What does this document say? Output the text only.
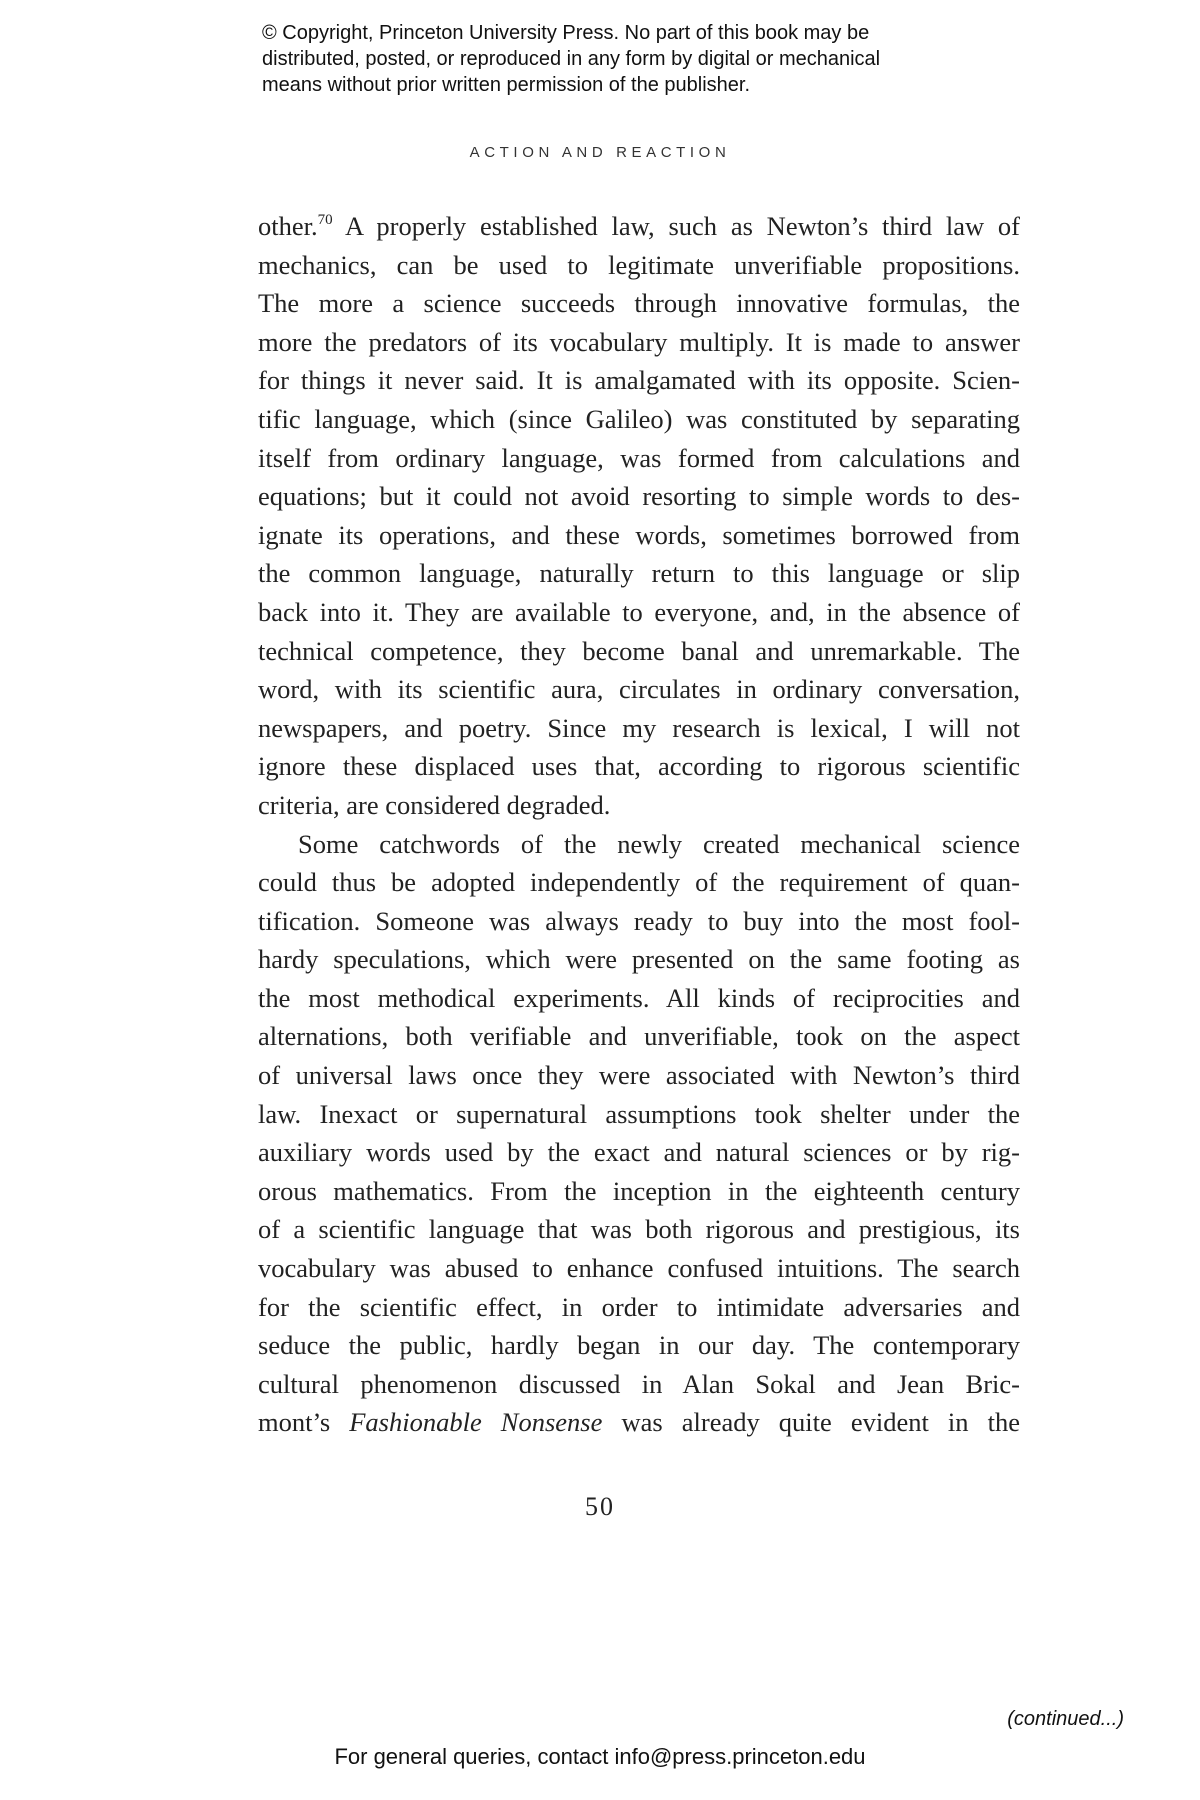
© Copyright, Princeton University Press. No part of this book may be
distributed, posted, or reproduced in any form by digital or mechanical
means without prior written permission of the publisher.
ACTION AND REACTION
other.$^{70}$ A properly established law, such as Newton’s third law of
mechanics, can be used to legitimate unverifiable propositions.
The more a science succeeds through innovative formulas, the
more the predators of its vocabulary multiply. It is made to answer
for things it never said. It is amalgamated with its opposite. Scien-
tific language, which (since Galileo) was constituted by separating
itself from ordinary language, was formed from calculations and
equations; but it could not avoid resorting to simple words to des-
ignate its operations, and these words, sometimes borrowed from
the common language, naturally return to this language or slip
back into it. They are available to everyone, and, in the absence of
technical competence, they become banal and unremarkable. The
word, with its scientific aura, circulates in ordinary conversation,
newspapers, and poetry. Since my research is lexical, I will not
ignore these displaced uses that, according to rigorous scientific
criteria, are considered degraded.
Some catchwords of the newly created mechanical science
could thus be adopted independently of the requirement of quan-
tification. Someone was always ready to buy into the most fool-
hardy speculations, which were presented on the same footing as
the most methodical experiments. All kinds of reciprocities and
alternations, both verifiable and unverifiable, took on the aspect
of universal laws once they were associated with Newton’s third
law. Inexact or supernatural assumptions took shelter under the
auxiliary words used by the exact and natural sciences or by rig-
orous mathematics. From the inception in the eighteenth century
of a scientific language that was both rigorous and prestigious, its
vocabulary was abused to enhance confused intuitions. The search
for the scientific effect, in order to intimidate adversaries and
seduce the public, hardly began in our day. The contemporary
cultural phenomenon discussed in Alan Sokal and Jean Bric-
mont’s Fashionable Nonsense was already quite evident in the
50
(continued...)
For general queries, contact info@press.princeton.edu
